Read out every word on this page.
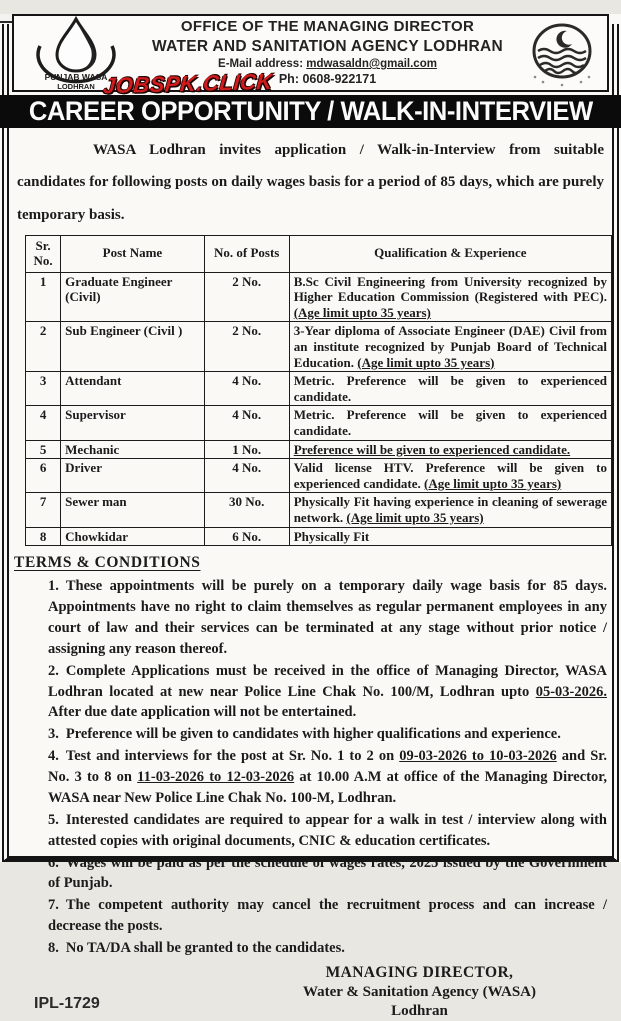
PUNJAB WASA
LODHRAN
OFFICE OF THE MANAGING DIRECTOR
WATER AND SANITATION AGENCY LODHRAN
E-Mail address: mdwasaldn@gmail.com
Ph: 0608-922171
JOBSPK.CLICK
CAREER OPPORTUNITY / WALK-IN-INTERVIEW

WASA Lodhran invites application / Walk-in-Interview from suitable candidates for following posts on daily wages basis for a period of 85 days, which are purely temporary basis.

Sr. No.	Post Name	No. of Posts	Qualification & Experience
1	Graduate Engineer (Civil)	2 No.	B.Sc Civil Engineering from University recognized by Higher Education Commission (Registered with PEC).(Age limit upto 35 years)
2	Sub Engineer (Civil )	2 No.	3-Year diploma of Associate Engineer (DAE) Civil from an institute recognized by Punjab Board of Technical Education. (Age limit upto 35 years)
3	Attendant	4 No.	Metric. Preference will be given to experienced candidate.
4	Supervisor	4 No.	Metric. Preference will be given to experienced candidate.
5	Mechanic	1 No.	Preference will be given to experienced candidate.
6	Driver	4 No.	Valid license HTV. Preference will be given to experienced candidate. (Age limit upto 35 years)
7	Sewer man	30 No.	Physically Fit having experience in cleaning of sewerage network. (Age limit upto 35 years)
8	Chowkidar	6 No.	Physically Fit
TERMS & CONDITIONS
1. These appointments will be purely on a temporary daily wage basis for 85 days. Appointments have no right to claim themselves as regular permanent employees in any court of law and their services can be terminated at any stage without prior notice / assigning any reason thereof.
2. Complete Applications must be received in the office of Managing Director, WASA Lodhran located at new near Police Line Chak No. 100/M, Lodhran upto 05-03-2026. After due date application will not be entertained.
3. Preference will be given to candidates with higher qualifications and experience.
4. Test and interviews for the post at Sr. No. 1 to 2 on 09-03-2026 to 10-03-2026 and Sr. No. 3 to 8 on 11-03-2026 to 12-03-2026 at 10.00 A.M at office of the Managing Director, WASA near New Police Line Chak No. 100-M, Lodhran.
5. Interested candidates are required to appear for a walk in test / interview along with attested copies with original documents, CNIC & education certificates.
6. Wages will be paid as per the schedule of wages rates, 2025 issued by the Government of Punjab.
7. The competent authority may cancel the recruitment process and can increase / decrease the posts.
8. No TA/DA shall be granted to the candidates.
IPL-1729
MANAGING DIRECTOR,
Water & Sanitation Agency (WASA)
Lodhran
